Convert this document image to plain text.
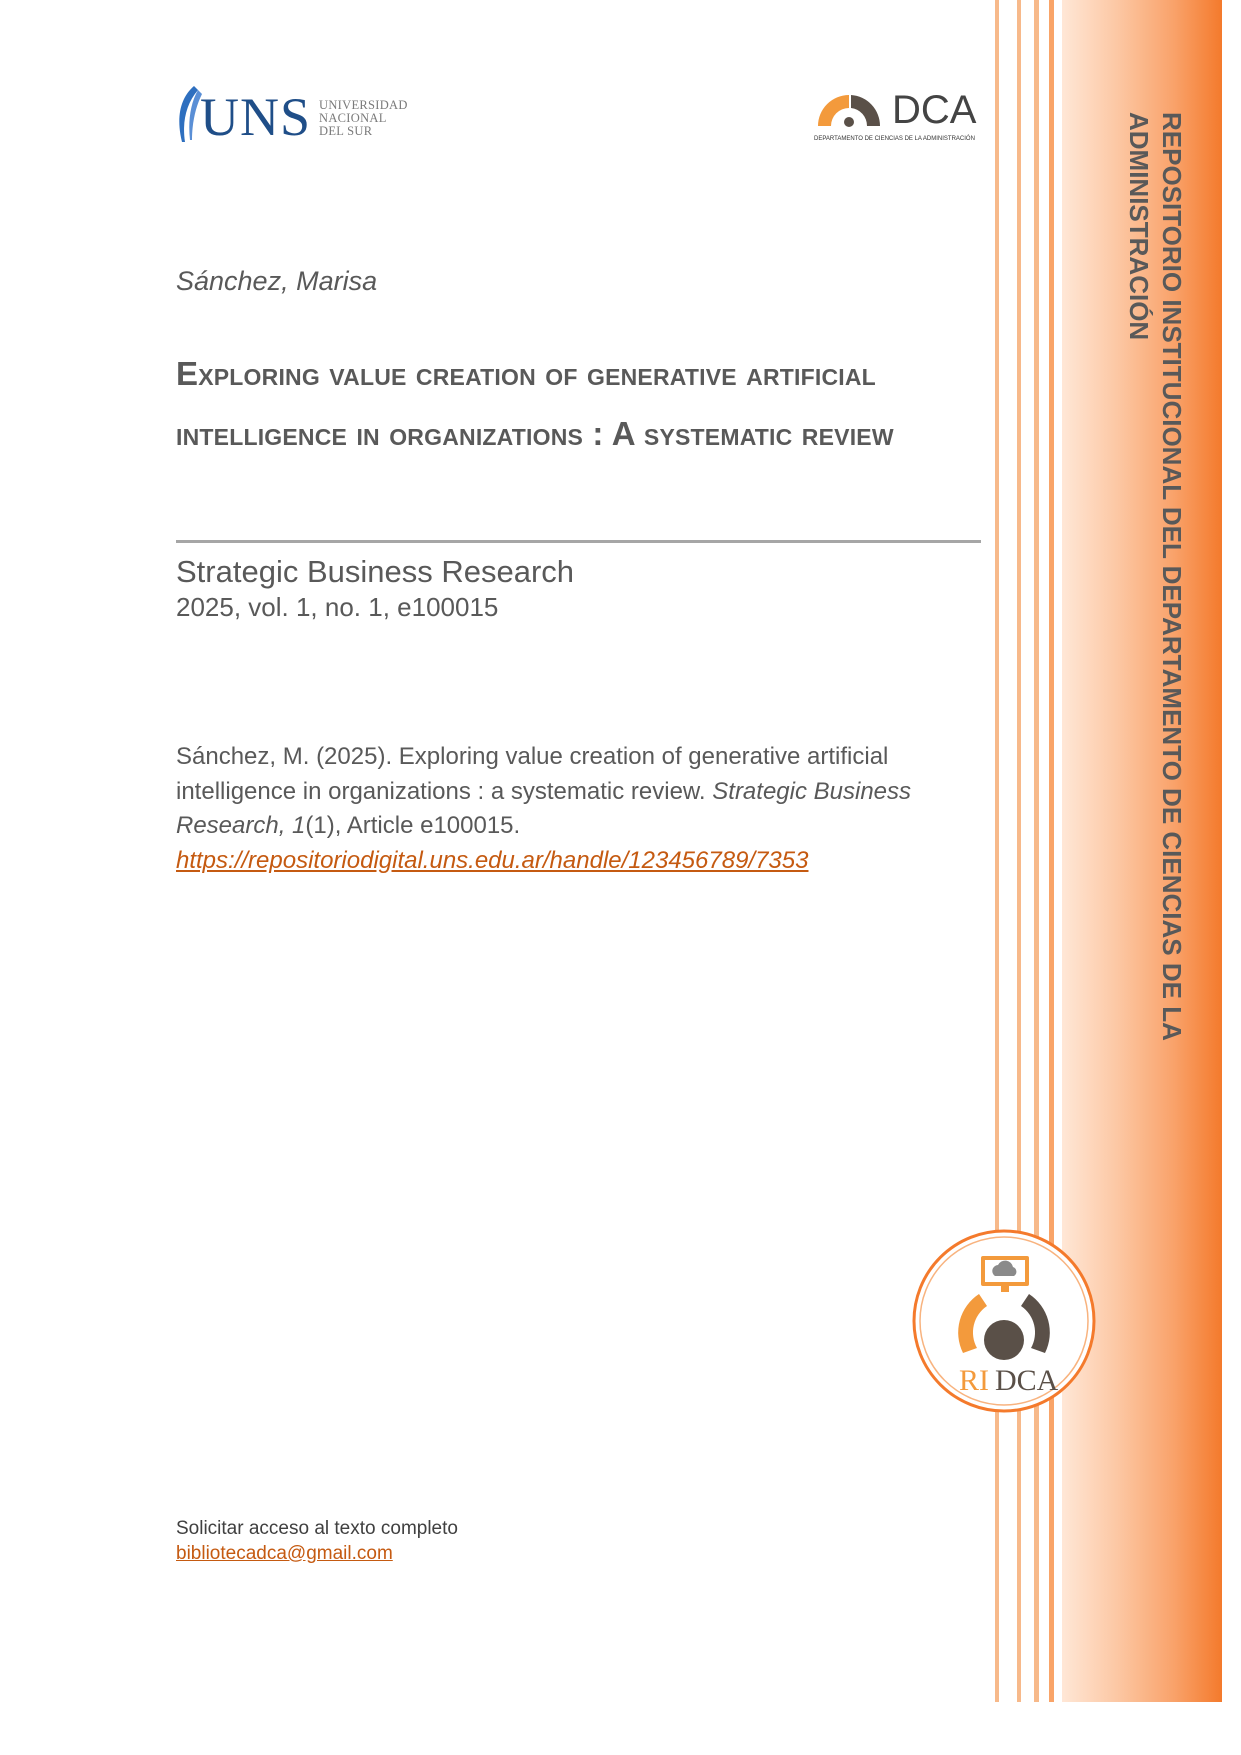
UNS UNIVERSIDAD
NACIONAL
DEL SUR	DCA
DEPARTAMENTO DE CIENCIAS DE LA ADMINISTRACIÓN
Sánchez, Marisa
Exploring value creation of generative artificial intelligence in organizations : A systematic review
Strategic Business Research
2025, vol. 1, no. 1, e100015
Sánchez, M. (2025). Exploring value creation of generative artificial intelligence in organizations : a systematic review. Strategic Business Research, 1(1), Article e100015.
https://repositoriodigital.uns.edu.ar/handle/123456789/7353
Solicitar acceso al texto completo
bibliotecadca@gmail.com
REPOSITORIO INSTITUCIONAL DEL DEPARTAMENTO DE CIENCIAS DE LA ADMINISTRACIÓN
RI DCA
